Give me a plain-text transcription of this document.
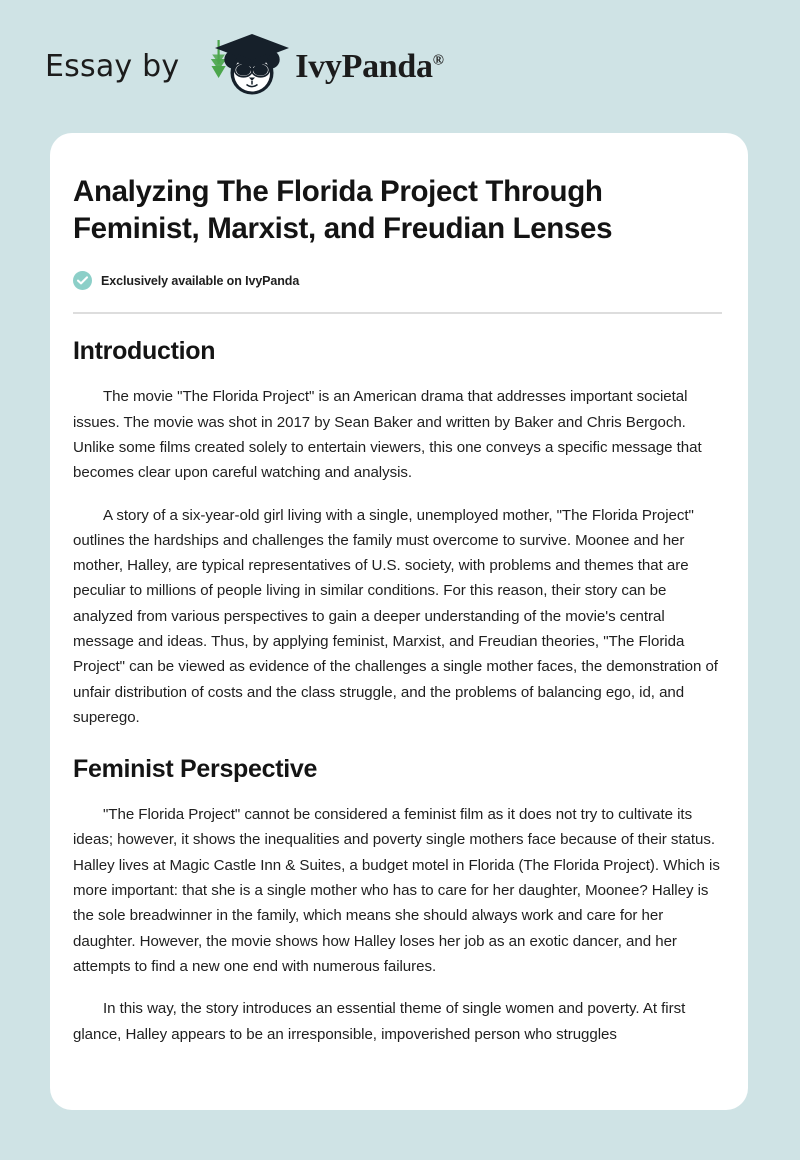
Essay by	IvyPanda®
Analyzing The Florida Project Through Feminist, Marxist, and Freudian Lenses
Exclusively available on IvyPanda
Introduction

The movie "The Florida Project" is an American drama that addresses important societal issues. The movie was shot in 2017 by Sean Baker and written by Baker and Chris Bergoch. Unlike some films created solely to entertain viewers, this one conveys a specific message that becomes clear upon careful watching and analysis.

A story of a six-year-old girl living with a single, unemployed mother, "The Florida Project" outlines the hardships and challenges the family must overcome to survive. Moonee and her mother, Halley, are typical representatives of U.S. society, with problems and themes that are peculiar to millions of people living in similar conditions. For this reason, their story can be analyzed from various perspectives to gain a deeper understanding of the movie's central message and ideas. Thus, by applying feminist, Marxist, and Freudian theories, "The Florida Project" can be viewed as evidence of the challenges a single mother faces, the demonstration of unfair distribution of costs and the class struggle, and the problems of balancing ego, id, and superego.

Feminist Perspective

"The Florida Project" cannot be considered a feminist film as it does not try to cultivate its ideas; however, it shows the inequalities and poverty single mothers face because of their status. Halley lives at Magic Castle Inn & Suites, a budget motel in Florida (The Florida Project). Which is more important: that she is a single mother who has to care for her daughter, Moonee? Halley is the sole breadwinner in the family, which means she should always work and care for her daughter. However, the movie shows how Halley loses her job as an exotic dancer, and her attempts to find a new one end with numerous failures.

In this way, the story introduces an essential theme of single women and poverty. At first glance, Halley appears to be an irresponsible, impoverished person who struggles
